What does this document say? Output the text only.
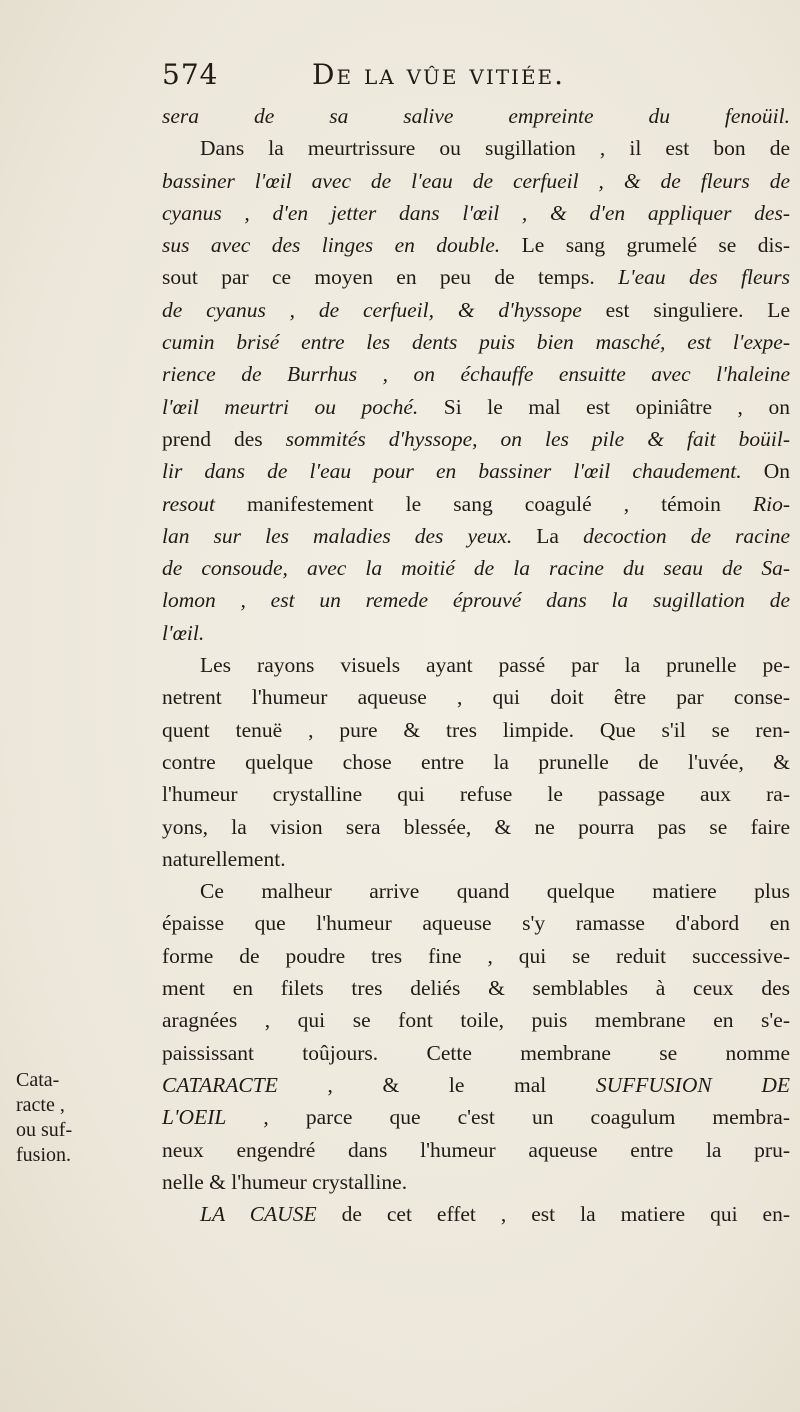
574	De la vûe vitiée.
sera de sa salive empreinte du fenoüil.
Dans la meurtrissure ou sugillation , il est bon de
bassiner l'œil avec de l'eau de cerfueil , & de fleurs de
cyanus , d'en jetter dans l'œil , & d'en appliquer des-
sus avec des linges en double. Le sang grumelé se dis-
sout par ce moyen en peu de temps. L'eau des fleurs
de cyanus , de cerfueil, & d'hyssope est singuliere. Le
cumin brisé entre les dents puis bien masché, est l'expe-
rience de Burrhus , on échauffe ensuitte avec l'haleine
l'œil meurtri ou poché. Si le mal est opiniâtre , on
prend des sommités d'hyssope, on les pile & fait boüil-
lir dans de l'eau pour en bassiner l'œil chaudement. On
resout manifestement le sang coagulé , témoin Rio-
lan sur les maladies des yeux. La decoction de racine
de consoude, avec la moitié de la racine du seau de Sa-
lomon , est un remede éprouvé dans la sugillation de
l'œil.
Les rayons visuels ayant passé par la prunelle pe-
netrent l'humeur aqueuse , qui doit être par conse-
quent tenuë , pure & tres limpide. Que s'il se ren-
contre quelque chose entre la prunelle de l'uvée, &
l'humeur crystalline qui refuse le passage aux ra-
yons, la vision sera blessée, & ne pourra pas se faire
naturellement.
Ce malheur arrive quand quelque matiere plus
épaisse que l'humeur aqueuse s'y ramasse d'abord en
forme de poudre tres fine , qui se reduit successive-
ment en filets tres deliés & semblables à ceux des
aragnées , qui se font toile, puis membrane en s'e-
paississant toûjours. Cette membrane se nomme
CATARACTE , & le mal SUFFUSION DE
L'OEIL , parce que c'est un coagulum membra-
neux engendré dans l'humeur aqueuse entre la pru-
nelle & l'humeur crystalline.
LA CAUSE de cet effet , est la matiere qui en-
Cata-
racte ,
ou suf-
fusion.
